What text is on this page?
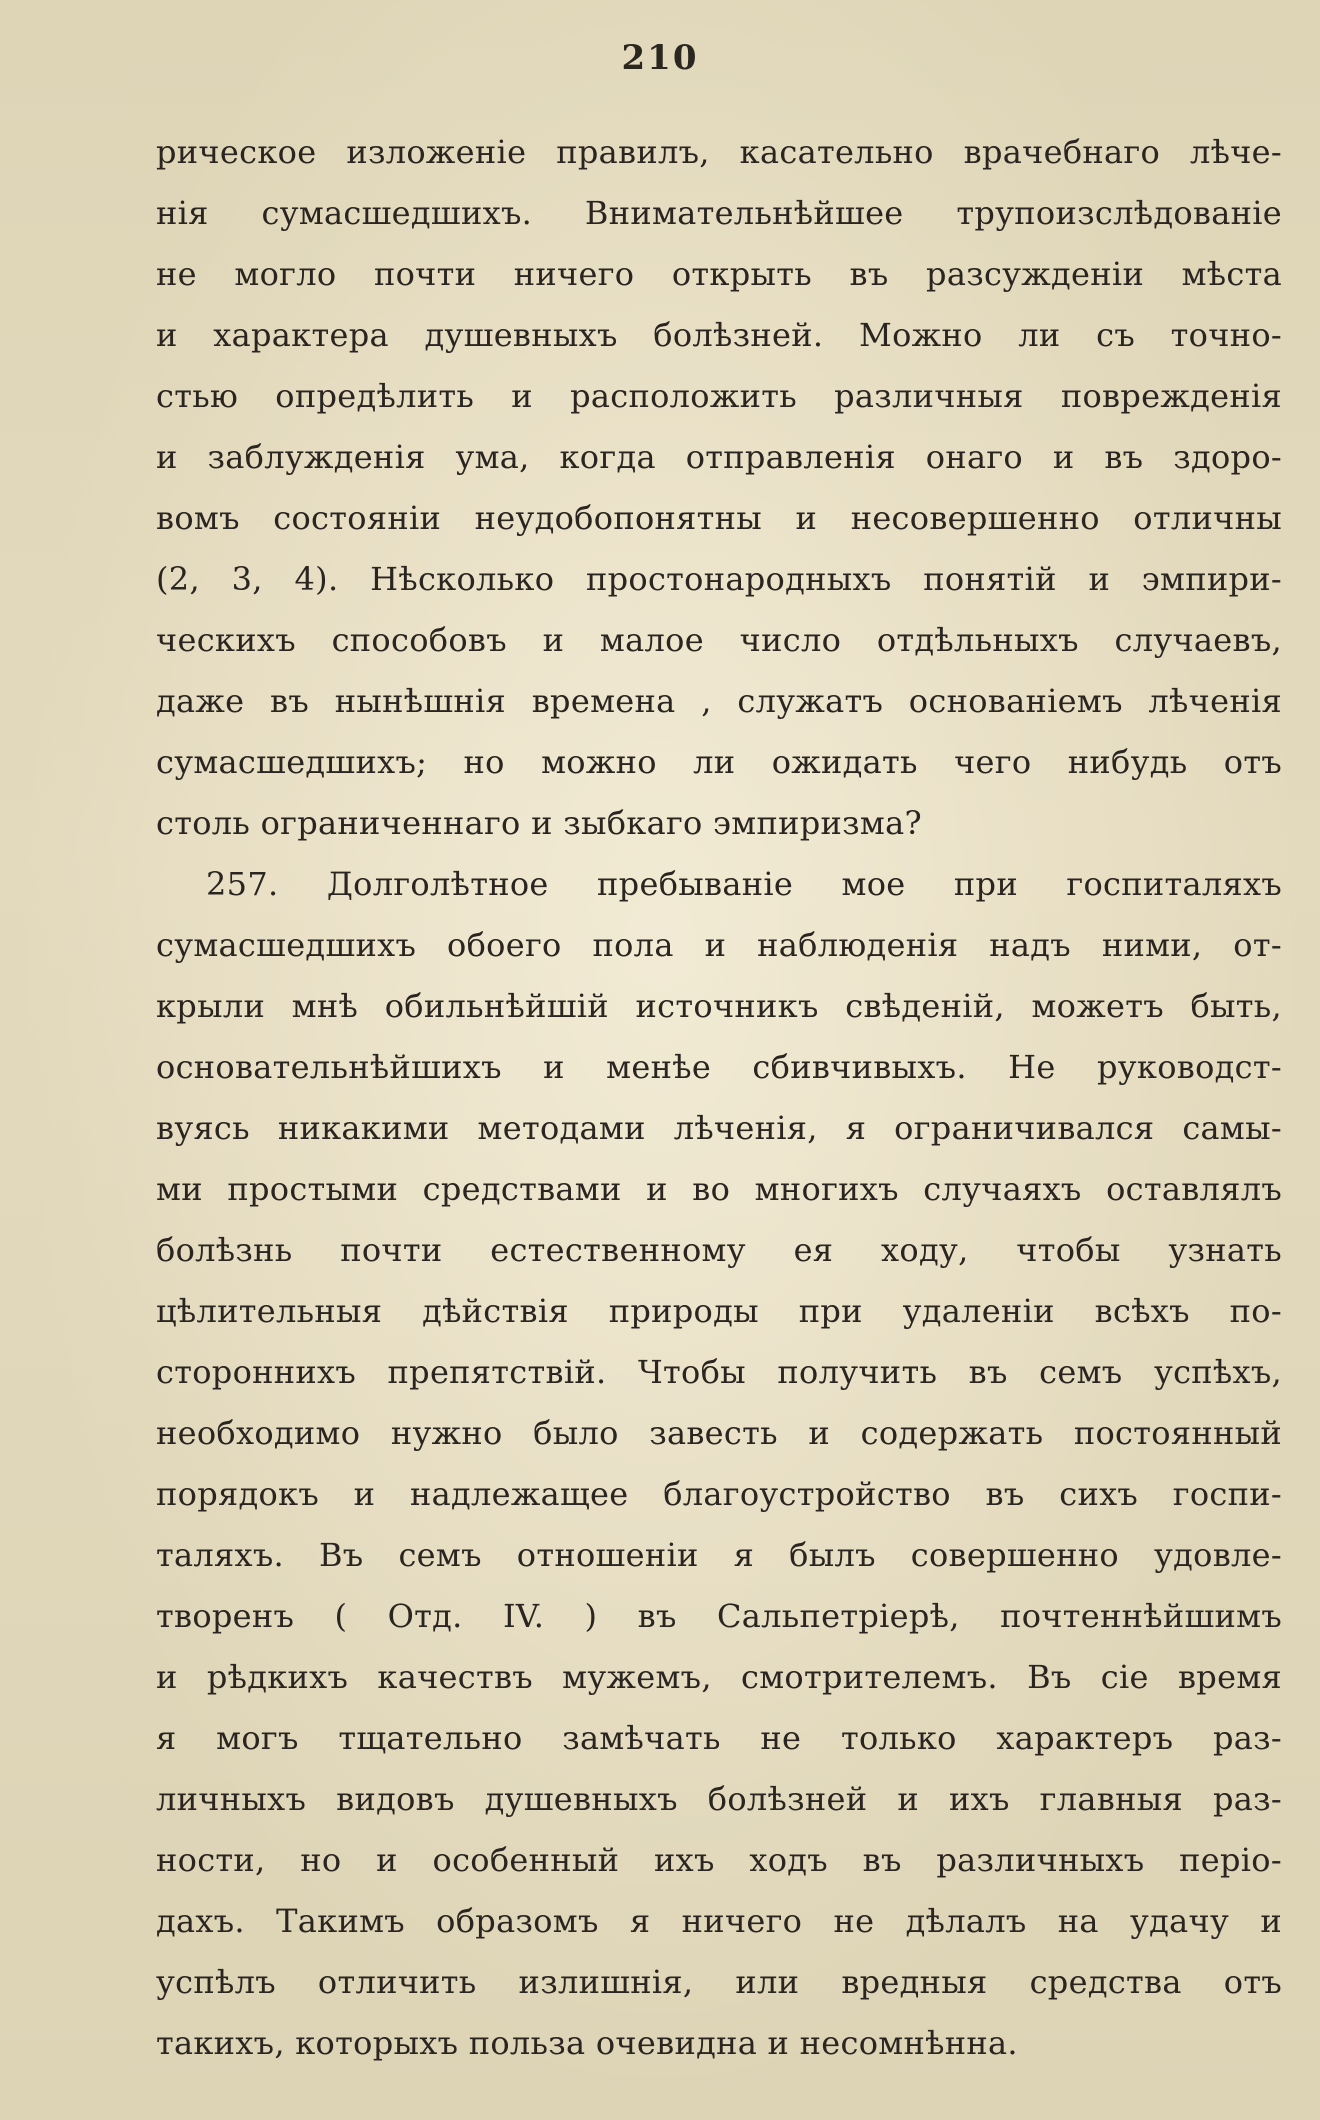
210
рическое изложеніе правилъ, касательно врачебнаго лѣче-
нія сумасшедшихъ. Внимательнѣйшее трупоизслѣдованіе
не могло почти ничего открыть въ разсужденіи мѣста
и характера душевныхъ болѣзней. Можно ли съ точно-
стью опредѣлить и расположить различныя поврежденія
и заблужденія ума, когда отправленія онаго и въ здоро-
вомъ состояніи неудобопонятны и несовершенно отличны
(2, 3, 4). Нѣсколько простонародныхъ понятій и эмпири-
ческихъ способовъ и малое число отдѣльныхъ случаевъ,
даже въ нынѣшнія времена , служатъ основаніемъ лѣченія
сумасшедшихъ; но можно ли ожидать чего нибудь отъ
столь ограниченнаго и зыбкаго эмпиризма?
257. Долголѣтное пребываніе мое при госпиталяхъ
сумасшедшихъ обоего пола и наблюденія надъ ними, от-
крыли мнѣ обильнѣйшій источникъ свѣденій, можетъ быть,
основательнѣйшихъ и менѣе сбивчивыхъ. Не руководст-
вуясь никакими методами лѣченія, я ограничивался самы-
ми простыми средствами и во многихъ случаяхъ оставлялъ
болѣзнь почти естественному ея ходу, чтобы узнать
цѣлительныя дѣйствія природы при удаленіи всѣхъ по-
стороннихъ препятствій. Чтобы получить въ семъ успѣхъ,
необходимо нужно было завесть и содержать постоянный
порядокъ и надлежащее благоустройство въ сихъ госпи-
таляхъ. Въ семъ отношеніи я былъ совершенно удовле-
творенъ ( Отд. IV. ) въ Сальпетріерѣ, почтеннѣйшимъ
и рѣдкихъ качествъ мужемъ, смотрителемъ. Въ сіе время
я могъ тщательно замѣчать не только характеръ раз-
личныхъ видовъ душевныхъ болѣзней и ихъ главныя раз-
ности, но и особенный ихъ ходъ въ различныхъ періо-
дахъ. Такимъ образомъ я ничего не дѣлалъ на удачу и
успѣлъ отличить излишнія, или вредныя средства отъ
такихъ, которыхъ польза очевидна и несомнѣнна.
